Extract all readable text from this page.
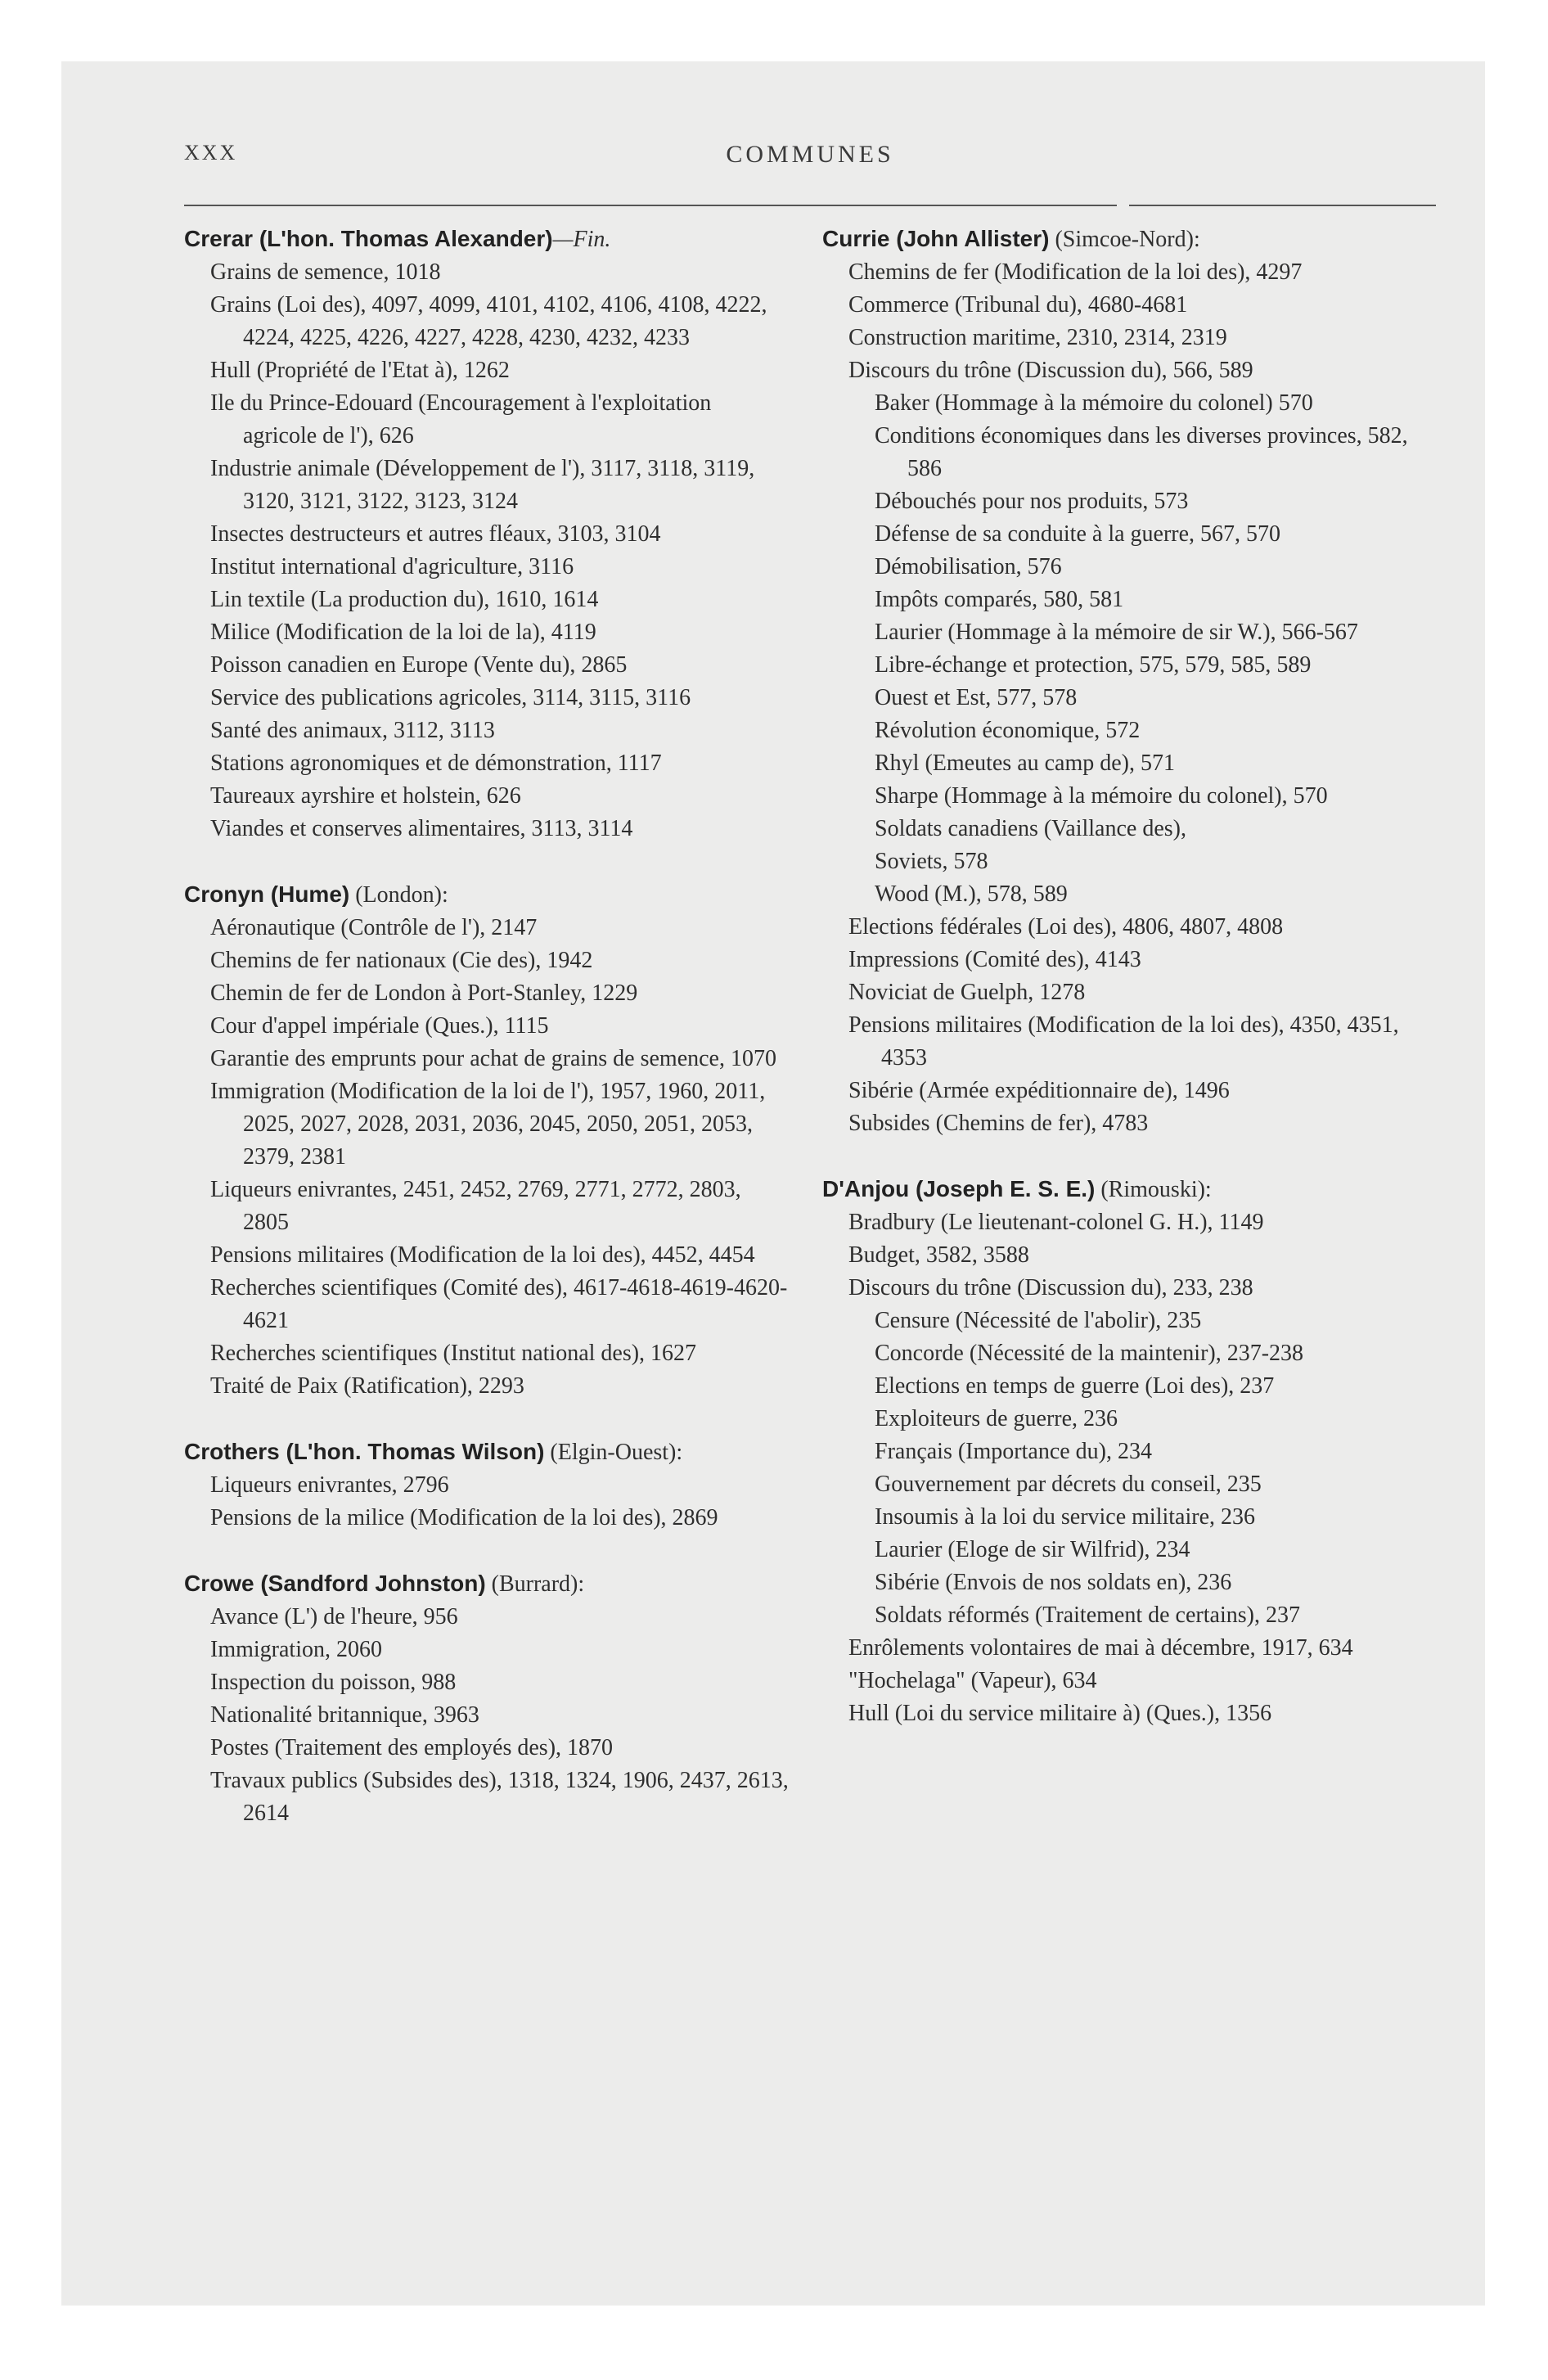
XXX	COMMUNES
Crerar (L'hon. Thomas Alexander)—Fin.
Grains de semence, 1018
Grains (Loi des), 4097, 4099, 4101, 4102, 4106, 4108, 4222, 4224, 4225, 4226, 4227, 4228, 4230, 4232, 4233
Hull (Propriété de l'Etat à), 1262
Ile du Prince-Edouard (Encouragement à l'exploitation agricole de l'), 626
Industrie animale (Développement de l'), 3117, 3118, 3119, 3120, 3121, 3122, 3123, 3124
Insectes destructeurs et autres fléaux, 3103, 3104
Institut international d'agriculture, 3116
Lin textile (La production du), 1610, 1614
Milice (Modification de la loi de la), 4119
Poisson canadien en Europe (Vente du), 2865
Service des publications agricoles, 3114, 3115, 3116
Santé des animaux, 3112, 3113
Stations agronomiques et de démonstration, 1117
Taureaux ayrshire et holstein, 626
Viandes et conserves alimentaires, 3113, 3114
Cronyn (Hume) (London):
Aéronautique (Contrôle de l'), 2147
Chemins de fer nationaux (Cie des), 1942
Chemin de fer de London à Port-Stanley, 1229
Cour d'appel impériale (Ques.), 1115
Garantie des emprunts pour achat de grains de semence, 1070
Immigration (Modification de la loi de l'), 1957, 1960, 2011, 2025, 2027, 2028, 2031, 2036, 2045, 2050, 2051, 2053, 2379, 2381
Liqueurs enivrantes, 2451, 2452, 2769, 2771, 2772, 2803, 2805
Pensions militaires (Modification de la loi des), 4452, 4454
Recherches scientifiques (Comité des), 4617-4618-4619-4620-4621
Recherches scientifiques (Institut national des), 1627
Traité de Paix (Ratification), 2293
Crothers (L'hon. Thomas Wilson) (Elgin-Ouest):
Liqueurs enivrantes, 2796
Pensions de la milice (Modification de la loi des), 2869
Crowe (Sandford Johnston) (Burrard):
Avance (L') de l'heure, 956
Immigration, 2060
Inspection du poisson, 988
Nationalité britannique, 3963
Postes (Traitement des employés des), 1870
Travaux publics (Subsides des), 1318, 1324, 1906, 2437, 2613, 2614
Currie (John Allister) (Simcoe-Nord):
Chemins de fer (Modification de la loi des), 4297
Commerce (Tribunal du), 4680-4681
Construction maritime, 2310, 2314, 2319
Discours du trône (Discussion du), 566, 589
Baker (Hommage à la mémoire du colonel) 570
Conditions économiques dans les diverses provinces, 582, 586
Débouchés pour nos produits, 573
Défense de sa conduite à la guerre, 567, 570
Démobilisation, 576
Impôts comparés, 580, 581
Laurier (Hommage à la mémoire de sir W.), 566-567
Libre-échange et protection, 575, 579, 585, 589
Ouest et Est, 577, 578
Révolution économique, 572
Rhyl (Emeutes au camp de), 571
Sharpe (Hommage à la mémoire du colonel), 570
Soldats canadiens (Vaillance des),
Soviets, 578
Wood (M.), 578, 589
Elections fédérales (Loi des), 4806, 4807, 4808
Impressions (Comité des), 4143
Noviciat de Guelph, 1278
Pensions militaires (Modification de la loi des), 4350, 4351, 4353
Sibérie (Armée expéditionnaire de), 1496
Subsides (Chemins de fer), 4783
D'Anjou (Joseph E. S. E.) (Rimouski):
Bradbury (Le lieutenant-colonel G. H.), 1149
Budget, 3582, 3588
Discours du trône (Discussion du), 233, 238
Censure (Nécessité de l'abolir), 235
Concorde (Nécessité de la maintenir), 237-238
Elections en temps de guerre (Loi des), 237
Exploiteurs de guerre, 236
Français (Importance du), 234
Gouvernement par décrets du conseil, 235
Insoumis à la loi du service militaire, 236
Laurier (Eloge de sir Wilfrid), 234
Sibérie (Envois de nos soldats en), 236
Soldats réformés (Traitement de certains), 237
Enrôlements volontaires de mai à décembre, 1917, 634
"Hochelaga" (Vapeur), 634
Hull (Loi du service militaire à) (Ques.), 1356
